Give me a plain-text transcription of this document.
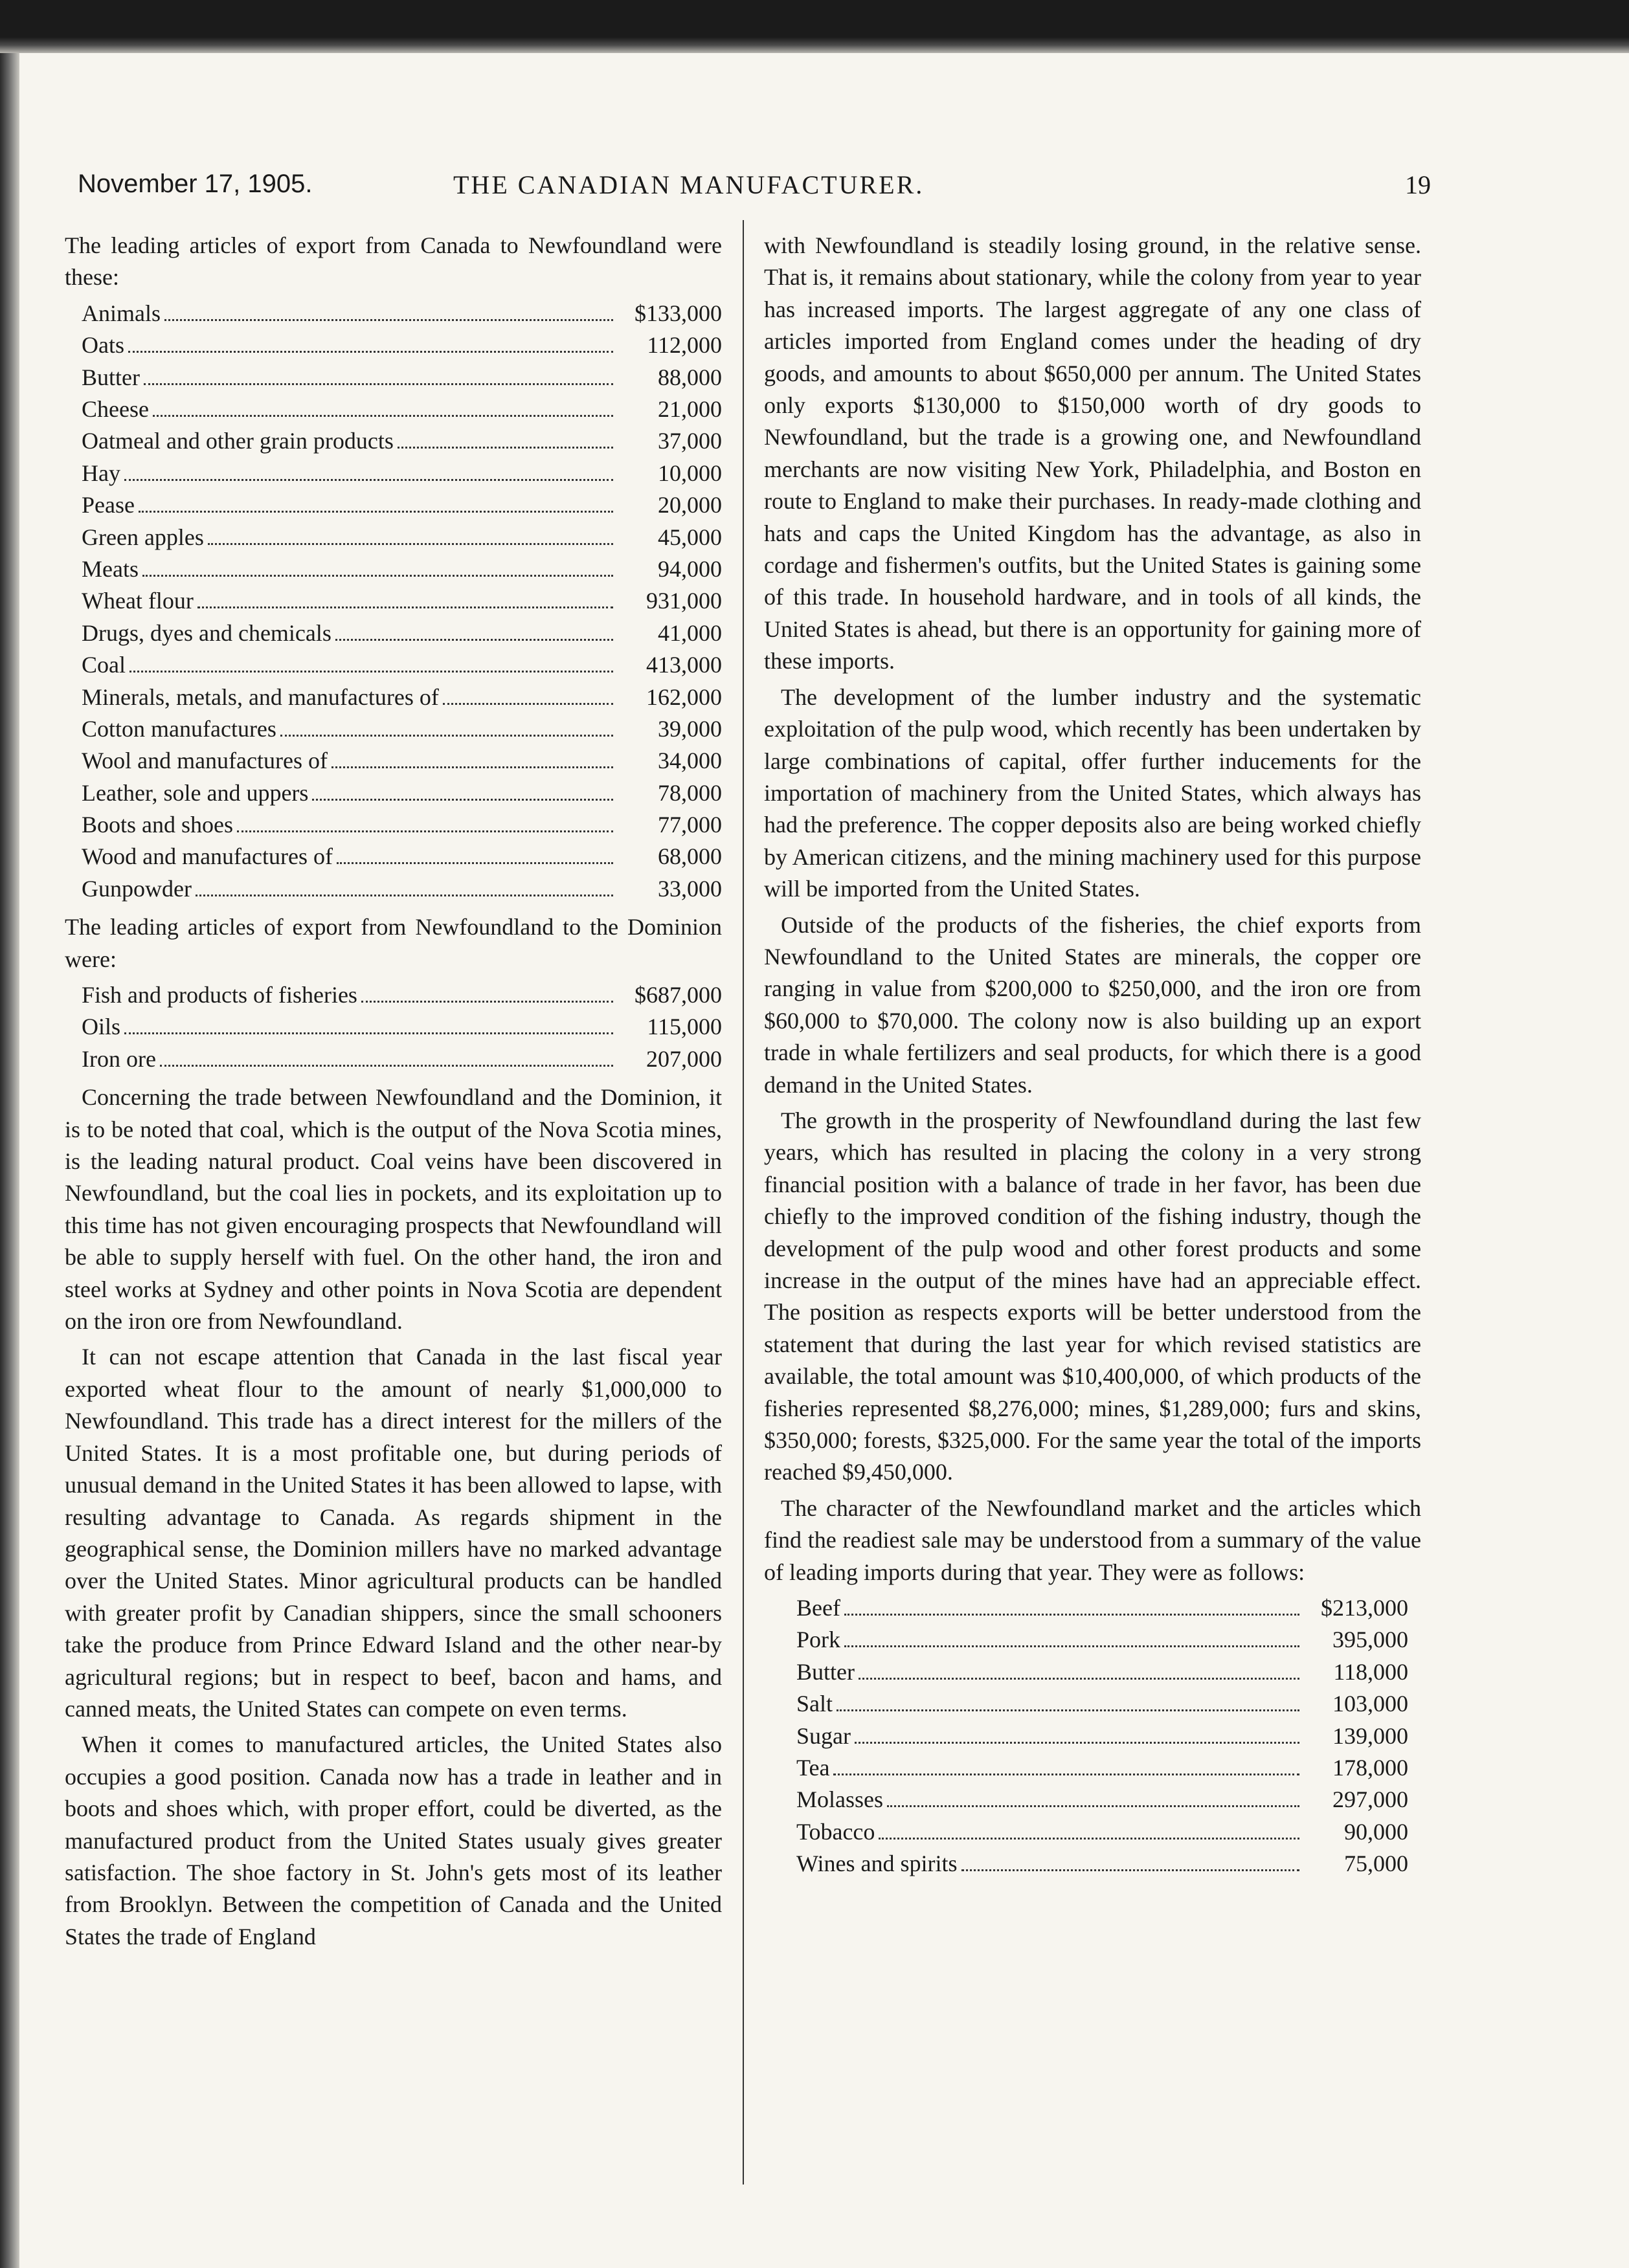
November 17, 1905.	THE CANADIAN MANUFACTURER.	19

The leading articles of export from Canada to Newfoundland were these:

Animals	$133,000
Oats	112,000
Butter	88,000
Cheese	21,000
Oatmeal and other grain products	37,000
Hay	10,000
Pease	20,000
Green apples	45,000
Meats	94,000
Wheat flour	931,000
Drugs, dyes and chemicals	41,000
Coal	413,000
Minerals, metals, and manufactures of	162,000
Cotton manufactures	39,000
Wool and manufactures of	34,000
Leather, sole and uppers	78,000
Boots and shoes	77,000
Wood and manufactures of	68,000
Gunpowder	33,000

The leading articles of export from Newfoundland to the Dominion were:

Fish and products of fisheries	$687,000
Oils	115,000
Iron ore	207,000

Concerning the trade between Newfoundland and the Dominion, it is to be noted that coal, which is the output of the Nova Scotia mines, is the leading natural product. Coal veins have been discovered in Newfoundland, but the coal lies in pockets, and its exploitation up to this time has not given encouraging prospects that Newfoundland will be able to supply herself with fuel. On the other hand, the iron and steel works at Sydney and other points in Nova Scotia are dependent on the iron ore from Newfoundland.

It can not escape attention that Canada in the last fiscal year exported wheat flour to the amount of nearly $1,000,000 to Newfoundland. This trade has a direct interest for the millers of the United States. It is a most profitable one, but during periods of unusual demand in the United States it has been allowed to lapse, with resulting advantage to Canada. As regards shipment in the geographical sense, the Dominion millers have no marked advantage over the United States. Minor agricultural products can be handled with greater profit by Canadian shippers, since the small schooners take the produce from Prince Edward Island and the other near-by agricultural regions; but in respect to beef, bacon and hams, and canned meats, the United States can compete on even terms.

When it comes to manufactured articles, the United States also occupies a good position. Canada now has a trade in leather and in boots and shoes which, with proper effort, could be diverted, as the manufactured product from the United States usualy gives greater satisfaction. The shoe factory in St. John's gets most of its leather from Brooklyn. Between the competition of Canada and the United States the trade of England

with Newfoundland is steadily losing ground, in the relative sense. That is, it remains about stationary, while the colony from year to year has increased imports. The largest aggregate of any one class of articles imported from England comes under the heading of dry goods, and amounts to about $650,000 per annum. The United States only exports $130,000 to $150,000 worth of dry goods to Newfoundland, but the trade is a growing one, and Newfoundland merchants are now visiting New York, Philadelphia, and Boston en route to England to make their purchases. In ready-made clothing and hats and caps the United Kingdom has the advantage, as also in cordage and fishermen's outfits, but the United States is gaining some of this trade. In household hardware, and in tools of all kinds, the United States is ahead, but there is an opportunity for gaining more of these imports.

The development of the lumber industry and the systematic exploitation of the pulp wood, which recently has been undertaken by large combinations of capital, offer further inducements for the importation of machinery from the United States, which always has had the preference. The copper deposits also are being worked chiefly by American citizens, and the mining machinery used for this purpose will be imported from the United States.

Outside of the products of the fisheries, the chief exports from Newfoundland to the United States are minerals, the copper ore ranging in value from $200,000 to $250,000, and the iron ore from $60,000 to $70,000. The colony now is also building up an export trade in whale fertilizers and seal products, for which there is a good demand in the United States.

The growth in the prosperity of Newfoundland during the last few years, which has resulted in placing the colony in a very strong financial position with a balance of trade in her favor, has been due chiefly to the improved condition of the fishing industry, though the development of the pulp wood and other forest products and some increase in the output of the mines have had an appreciable effect. The position as respects exports will be better understood from the statement that during the last year for which revised statistics are available, the total amount was $10,400,000, of which products of the fisheries represented $8,276,000; mines, $1,289,000; furs and skins, $350,000; forests, $325,000. For the same year the total of the imports reached $9,450,000.

The character of the Newfoundland market and the articles which find the readiest sale may be understood from a summary of the value of leading imports during that year. They were as follows:

Beef	$213,000
Pork	395,000
Butter	118,000
Salt	103,000
Sugar	139,000
Tea	178,000
Molasses	297,000
Tobacco	90,000
Wines and spirits	75,000
